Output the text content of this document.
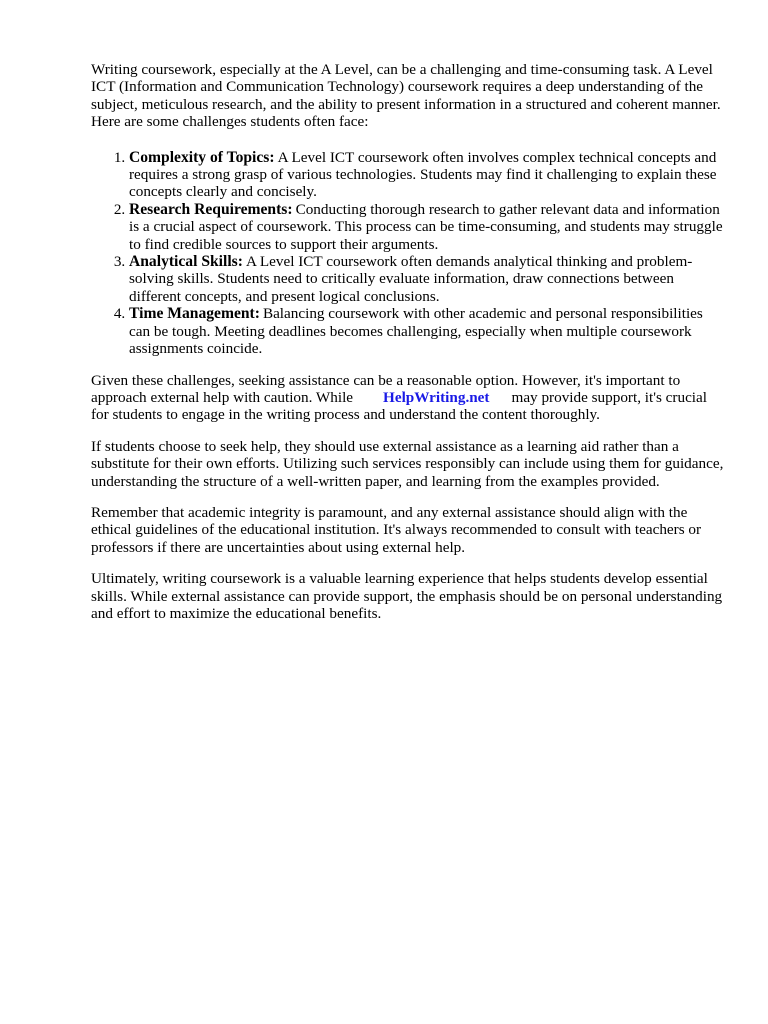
Writing coursework, especially at the A Level, can be a challenging and time-consuming task. A Level ICT (Information and Communication Technology) coursework requires a deep understanding of the subject, meticulous research, and the ability to present information in a structured and coherent manner. Here are some challenges students often face:

1. Complexity of Topics: A Level ICT coursework often involves complex technical concepts and requires a strong grasp of various technologies. Students may find it challenging to explain these concepts clearly and concisely.
2. Research Requirements: Conducting thorough research to gather relevant data and information is a crucial aspect of coursework. This process can be time-consuming, and students may struggle to find credible sources to support their arguments.
3. Analytical Skills: A Level ICT coursework often demands analytical thinking and problem-solving skills. Students need to critically evaluate information, draw connections between different concepts, and present logical conclusions.
4. Time Management: Balancing coursework with other academic and personal responsibilities can be tough. Meeting deadlines becomes challenging, especially when multiple coursework assignments coincide.

Given these challenges, seeking assistance can be a reasonable option. However, it's important to approach external help with caution. While HelpWriting.net may provide support, it's crucial for students to engage in the writing process and understand the content thoroughly.

If students choose to seek help, they should use external assistance as a learning aid rather than a substitute for their own efforts. Utilizing such services responsibly can include using them for guidance, understanding the structure of a well-written paper, and learning from the examples provided.

Remember that academic integrity is paramount, and any external assistance should align with the ethical guidelines of the educational institution. It's always recommended to consult with teachers or professors if there are uncertainties about using external help.

Ultimately, writing coursework is a valuable learning experience that helps students develop essential skills. While external assistance can provide support, the emphasis should be on personal understanding and effort to maximize the educational benefits.
